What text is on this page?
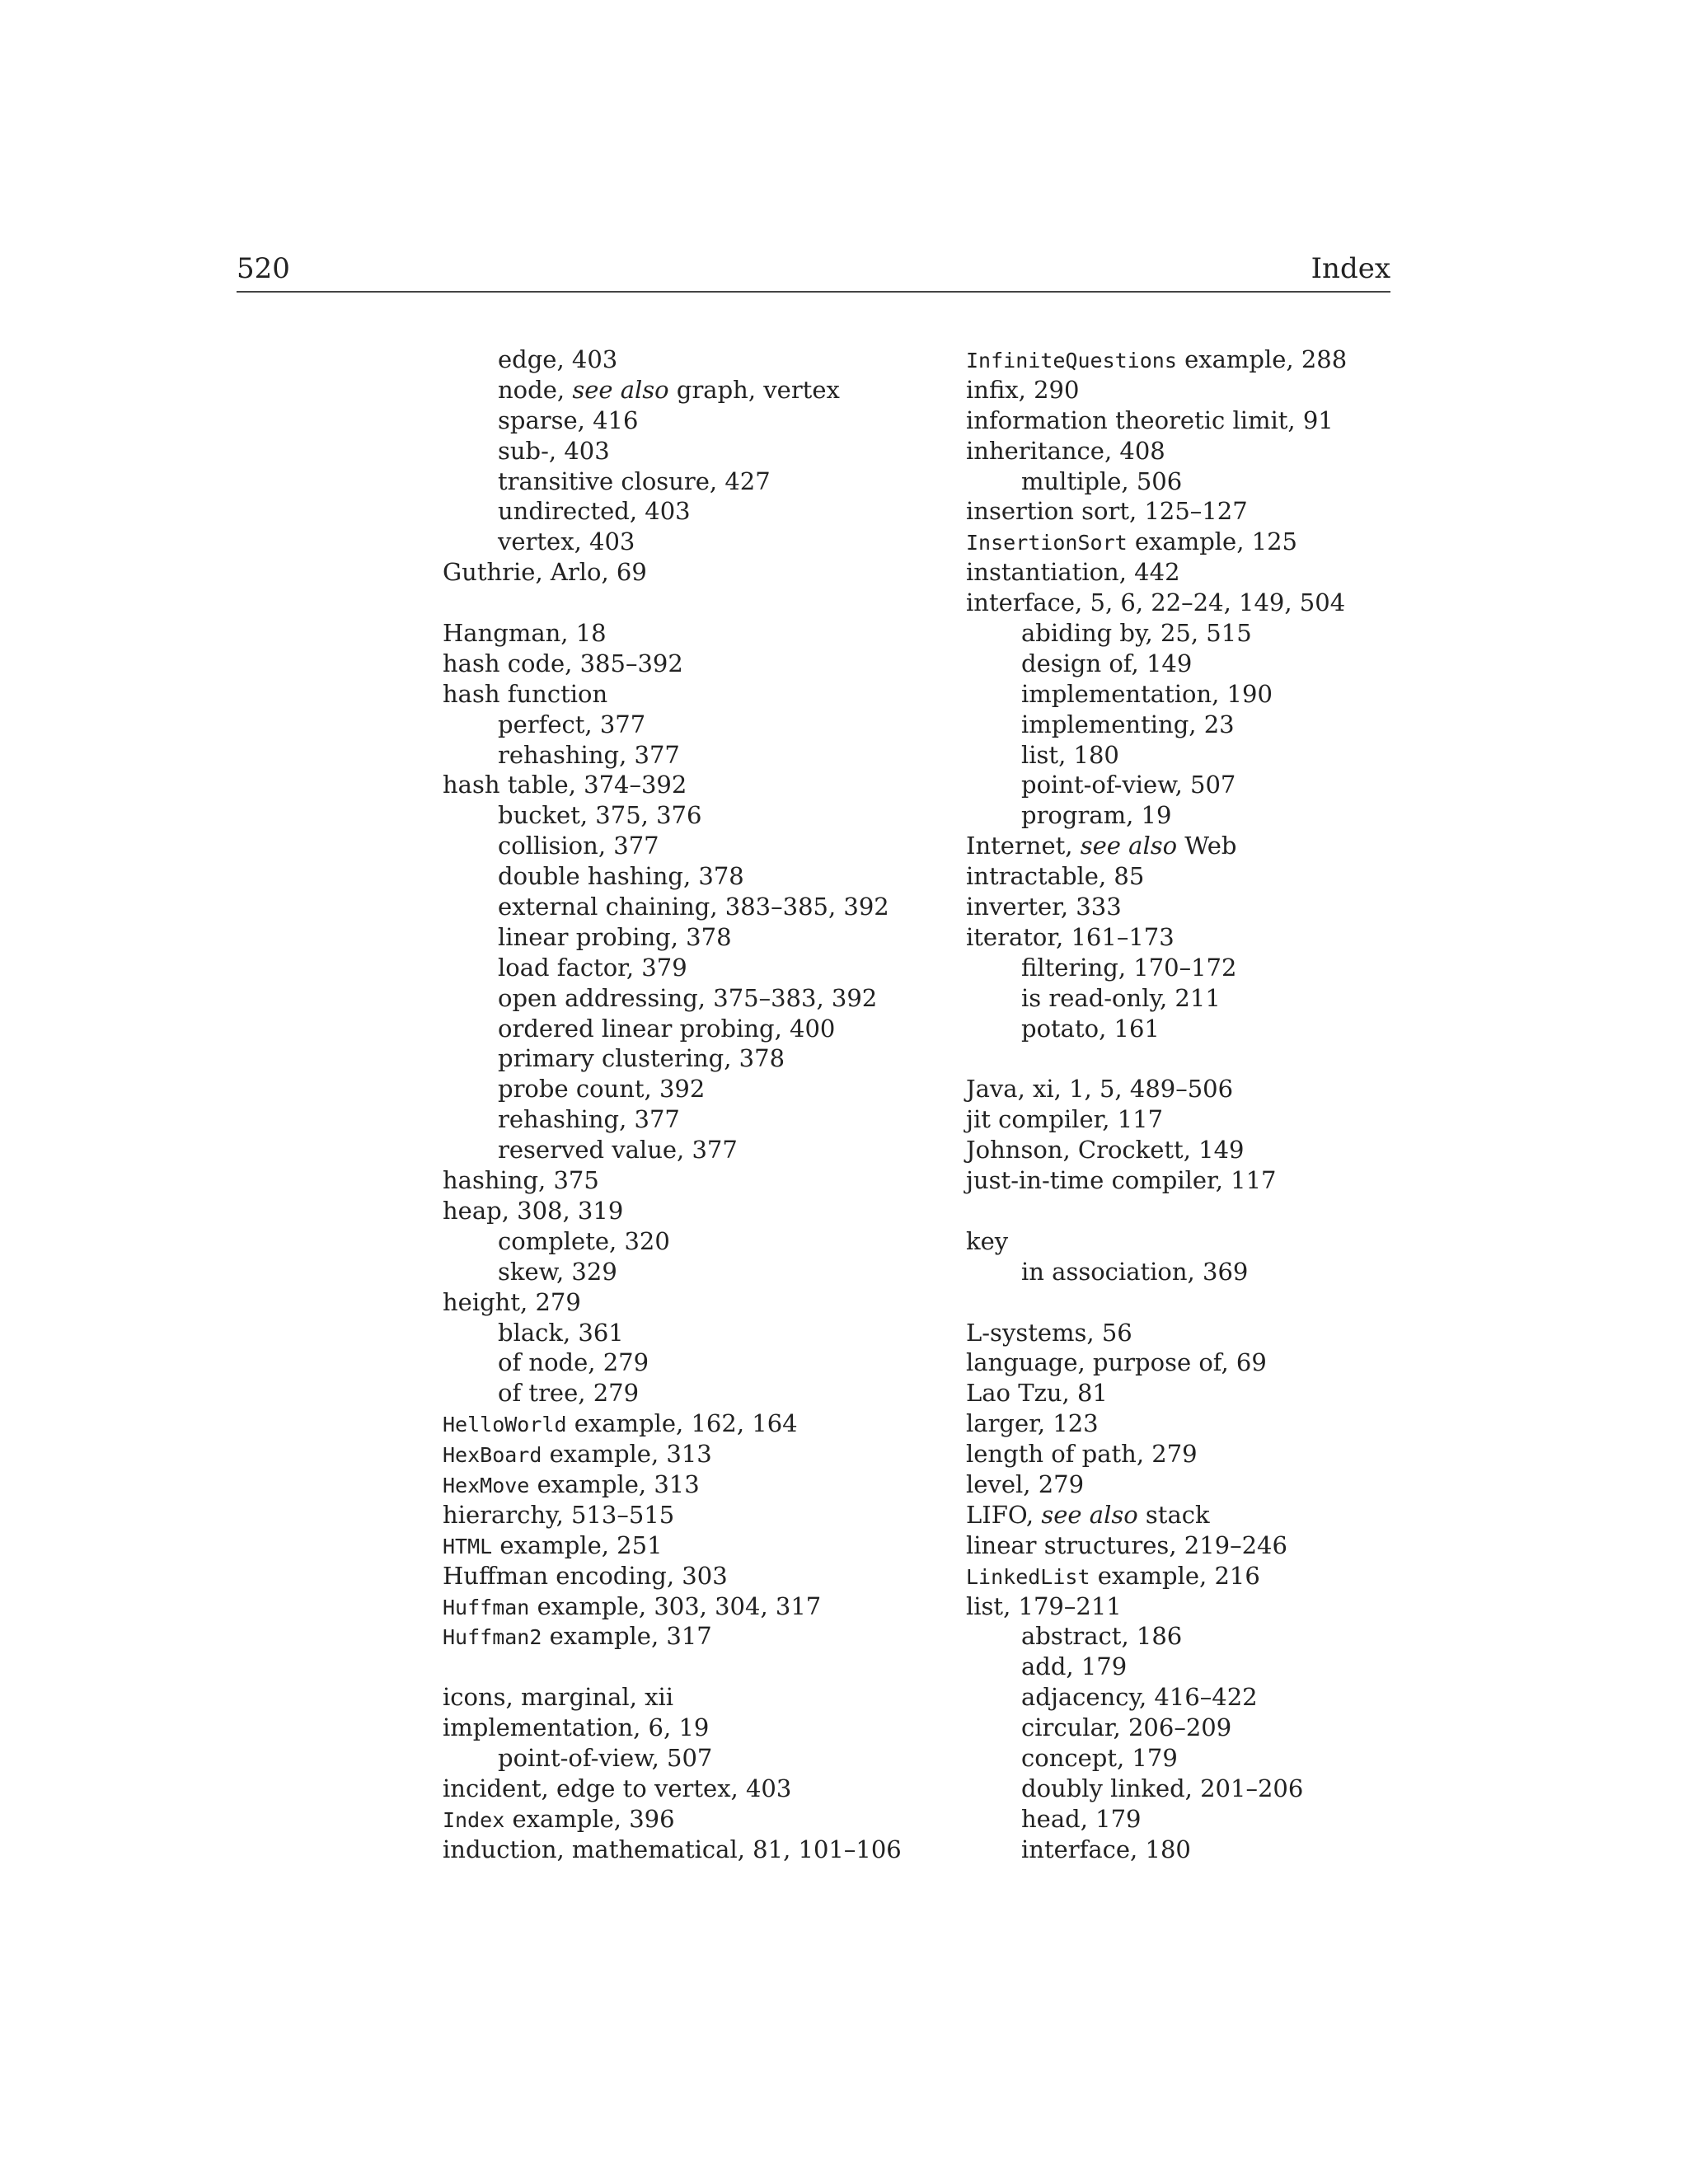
520	Index
edge, 403
node, see also graph, vertex
sparse, 416
sub-, 403
transitive closure, 427
undirected, 403
vertex, 403
Guthrie, Arlo, 69
Hangman, 18
hash code, 385–392
hash function
perfect, 377
rehashing, 377
hash table, 374–392
bucket, 375, 376
collision, 377
double hashing, 378
external chaining, 383–385, 392
linear probing, 378
load factor, 379
open addressing, 375–383, 392
ordered linear probing, 400
primary clustering, 378
probe count, 392
rehashing, 377
reserved value, 377
hashing, 375
heap, 308, 319
complete, 320
skew, 329
height, 279
black, 361
of node, 279
of tree, 279
HelloWorld example, 162, 164
HexBoard example, 313
HexMove example, 313
hierarchy, 513–515
HTML example, 251
Huffman encoding, 303
Huffman example, 303, 304, 317
Huffman2 example, 317
icons, marginal, xii
implementation, 6, 19
point-of-view, 507
incident, edge to vertex, 403
Index example, 396
induction, mathematical, 81, 101–106
InfiniteQuestions example, 288
infix, 290
information theoretic limit, 91
inheritance, 408
multiple, 506
insertion sort, 125–127
InsertionSort example, 125
instantiation, 442
interface, 5, 6, 22–24, 149, 504
abiding by, 25, 515
design of, 149
implementation, 190
implementing, 23
list, 180
point-of-view, 507
program, 19
Internet, see also Web
intractable, 85
inverter, 333
iterator, 161–173
filtering, 170–172
is read-only, 211
potato, 161
Java, xi, 1, 5, 489–506
jit compiler, 117
Johnson, Crockett, 149
just-in-time compiler, 117
key
in association, 369
L-systems, 56
language, purpose of, 69
Lao Tzu, 81
larger, 123
length of path, 279
level, 279
LIFO, see also stack
linear structures, 219–246
LinkedList example, 216
list, 179–211
abstract, 186
add, 179
adjacency, 416–422
circular, 206–209
concept, 179
doubly linked, 201–206
head, 179
interface, 180
